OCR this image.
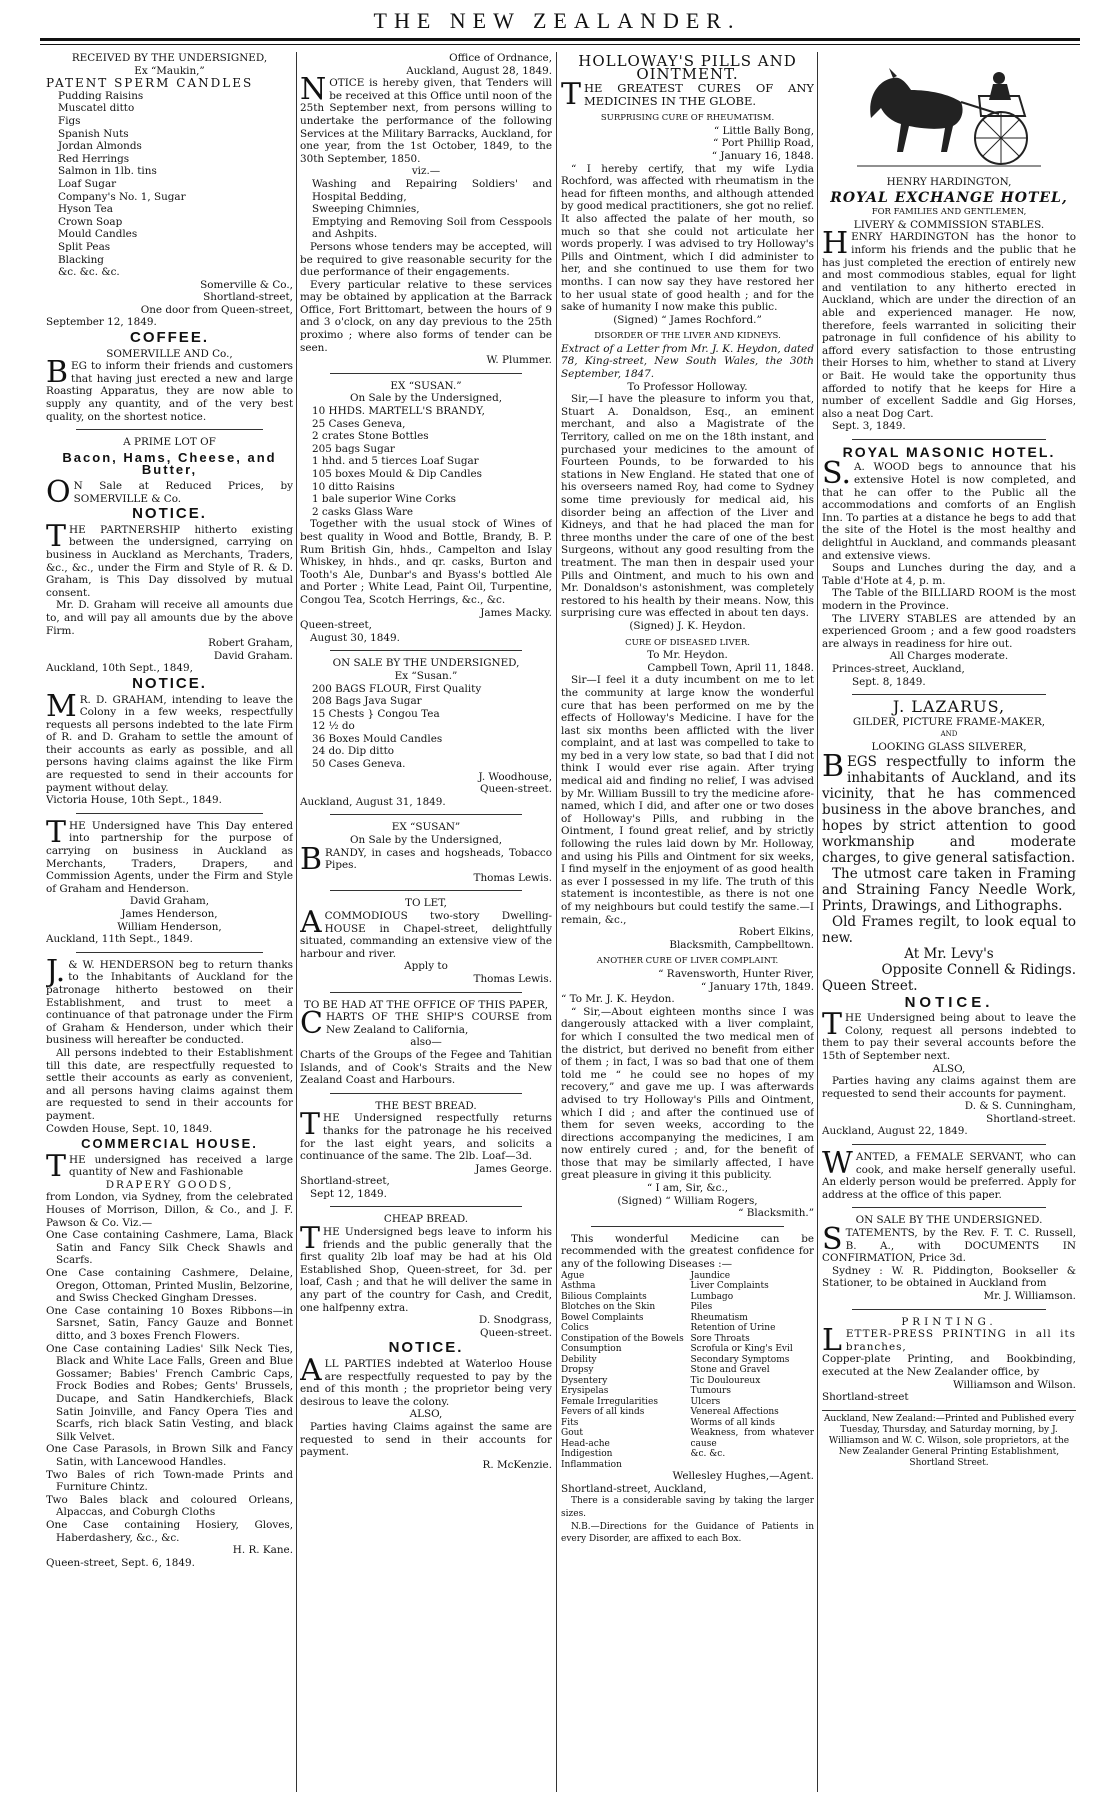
THE NEW ZEALANDER.

RECEIVED BY THE UNDERSIGNED,

Ex “Maukin,”

PATENT SPERM CANDLES

Pudding Raisins

Muscatel ditto

Figs

Spanish Nuts

Jordan Almonds

Red Herrings

Salmon in 1lb. tins

Loaf Sugar

Company's No. 1, Sugar

Hyson Tea

Crown Soap

Mould Candles

Split Peas

Blacking

&c. &c. &c.

Somerville & Co.,

Shortland-street,

One door from Queen-street,

September 12, 1849.

COFFEE.

SOMERVILLE AND Co.,

BEG to inform their friends and customers that having just erected a new and large Roasting Apparatus, they are now able to supply any quantity, and of the very best quality, on the shortest notice.

A PRIME LOT OF

Bacon, Hams, Cheese, and Butter,

ON Sale at Reduced Prices, by SOMERVILLE & Co.

NOTICE.

THE PARTNERSHIP hitherto existing between the undersigned, carrying on business in Auckland as Merchants, Traders, &c., &c., under the Firm and Style of R. & D. Graham, is This Day dissolved by mutual consent.

Mr. D. Graham will receive all amounts due to, and will pay all amounts due by the above Firm.

Robert Graham,

David Graham.

Auckland, 10th Sept., 1849,

NOTICE.

MR. D. GRAHAM, intending to leave the Colony in a few weeks, respectfully requests all persons indebted to the late Firm of R. and D. Graham to settle the amount of their accounts as early as possible, and all persons having claims against the like Firm are requested to send in their accounts for payment without delay.

Victoria House, 10th Sept., 1849.

THE Undersigned have This Day entered into partnership for the purpose of carrying on business in Auckland as Merchants, Traders, Drapers, and Commission Agents, under the Firm and Style of Graham and Henderson.

David Graham,

James Henderson,

William Henderson,

Auckland, 11th Sept., 1849.

J.& W. HENDERSON beg to return thanks to the Inhabitants of Auckland for the patronage hitherto bestowed on their Establishment, and trust to meet a continuance of that patronage under the Firm of Graham & Henderson, under which their business will hereafter be conducted.

All persons indebted to their Establishment till this date, are respectfully requested to settle their accounts as early as convenient, and all persons having claims against them are requested to send in their accounts for payment.

Cowden House, Sept. 10, 1849.

COMMERCIAL HOUSE.

THE undersigned has received a large quantity of New and Fashionable

DRAPERY GOODS,

from London, via Sydney, from the celebrated Houses of Morrison, Dillon, & Co., and J. F. Pawson & Co. Viz.—

One Case containing Cashmere, Lama, Black Satin and Fancy Silk Check Shawls and Scarfs.

One Case containing Cashmere, Delaine, Oregon, Ottoman, Printed Muslin, Belzorine, and Swiss Checked Gingham Dresses.

One Case containing 10 Boxes Ribbons—in Sarsnet, Satin, Fancy Gauze and Bonnet ditto, and 3 boxes French Flowers.

One Case containing Ladies' Silk Neck Ties, Black and White Lace Falls, Green and Blue Gossamer; Babies' French Cambric Caps, Frock Bodies and Robes; Gents' Brussels, Ducape, and Satin Handkerchiefs, Black Satin Joinville, and Fancy Opera Ties and Scarfs, rich black Satin Vesting, and black Silk Velvet.

One Case Parasols, in Brown Silk and Fancy Satin, with Lancewood Handles.

Two Bales of rich Town-made Prints and Furniture Chintz.

Two Bales black and coloured Orleans, Alpaccas, and Coburgh Cloths

One Case containing Hosiery, Gloves, Haberdashery, &c., &c.

H. R. Kane.

Queen-street, Sept. 6, 1849.

Office of Ordnance,

Auckland, August 28, 1849.

NOTICE is hereby given, that Tenders will be received at this Office until noon of the 25th September next, from persons willing to undertake the performance of the following Services at the Military Barracks, Auckland, for one year, from the 1st October, 1849, to the 30th September, 1850.

viz.—

Washing and Repairing Soldiers' and Hospital Bedding,

Sweeping Chimnies,

Emptying and Removing Soil from Cesspools and Ashpits.

Persons whose tenders may be accepted, will be required to give reasonable security for the due performance of their engagements.

Every particular relative to these services may be obtained by application at the Barrack Office, Fort Brittomart, between the hours of 9 and 3 o'clock, on any day previous to the 25th proximo ; where also forms of tender can be seen.

W. Plummer.

EX “SUSAN.”

On Sale by the Undersigned,

10 HHDS. MARTELL'S BRANDY,

25 Cases Geneva,

2 crates Stone Bottles

205 bags Sugar

1 hhd. and 5 tierces Loaf Sugar

105 boxes Mould & Dip Candles

10 ditto Raisins

1 bale superior Wine Corks

2 casks Glass Ware

Together with the usual stock of Wines of best quality in Wood and Bottle, Brandy, B. P. Rum British Gin, hhds., Campelton and Islay Whiskey, in hhds., and qr. casks, Burton and Tooth's Ale, Dunbar's and Byass's bottled Ale and Porter ; White Lead, Paint Oil, Turpentine, Congou Tea, Scotch Herrings, &c., &c.

James Macky.

Queen-street,

August 30, 1849.

ON SALE BY THE UNDERSIGNED,

Ex “Susan.”

200 BAGS FLOUR, First Quality

208 Bags Java Sugar

15 Chests } Congou Tea

12 ½ do

36 Boxes Mould Candles

24 do. Dip ditto

50 Cases Geneva.

J. Woodhouse,

Queen-street.

Auckland, August 31, 1849.

EX “SUSAN”

On Sale by the Undersigned,

BRANDY, in cases and hogsheads, Tobacco Pipes.

Thomas Lewis.

TO LET,

ACOMMODIOUS two-story Dwelling-HOUSE in Chapel-street, delightfully situated, commanding an extensive view of the harbour and river.

Apply to

Thomas Lewis.

TO BE HAD AT THE OFFICE OF THIS PAPER,

CHARTS OF THE SHIP'S COURSE from New Zealand to California,

also—

Charts of the Groups of the Fegee and Tahitian Islands, and of Cook's Straits and the New Zealand Coast and Harbours.

THE BEST BREAD.

THE Undersigned respectfully returns thanks for the patronage he his received for the last eight years, and solicits a continuance of the same. The 2lb. Loaf—3d.

James George.

Shortland-street,

Sept 12, 1849.

CHEAP BREAD.

THE Undersigned begs leave to inform his friends and the public generally that the first quality 2lb loaf may be had at his Old Established Shop, Queen-street, for 3d. per loaf, Cash ; and that he will deliver the same in any part of the country for Cash, and Credit, one halfpenny extra.

D. Snodgrass,

Queen-street.

NOTICE.

ALL PARTIES indebted at Waterloo House are respectfully requested to pay by the end of this month ; the proprietor being very desirous to leave the colony.

ALSO,

Parties having Claims against the same are requested to send in their accounts for payment.

R. McKenzie.

HOLLOWAY'S PILLS AND OINTMENT.

THE GREATEST CURES OF ANY MEDICINES IN THE GLOBE.

SURPRISING CURE OF RHEUMATISM.

“ Little Bally Bong,

“ Port Phillip Road,

“ January 16, 1848.

“ I hereby certify, that my wife Lydia Rochford, was affected with rheumatism in the head for fifteen months, and although attended by good medical practitioners, she got no relief. It also affected the palate of her mouth, so much so that she could not articulate her words properly. I was advised to try Holloway's Pills and Ointment, which I did administer to her, and she continued to use them for two months. I can now say they have restored her to her usual state of good health ; and for the sake of humanity I now make this public.

(Signed) “ James Rochford.”

DISORDER OF THE LIVER AND KIDNEYS.

Extract of a Letter from Mr. J. K. Heydon, dated 78, King-street, New South Wales, the 30th September, 1847.

To Professor Holloway.

Sir,—I have the pleasure to inform you that, Stuart A. Donaldson, Esq., an eminent merchant, and also a Magistrate of the Territory, called on me on the 18th instant, and purchased your medicines to the amount of Fourteen Pounds, to be forwarded to his stations in New England. He stated that one of his overseers named Roy, had come to Sydney some time previously for medical aid, his disorder being an affection of the Liver and Kidneys, and that he had placed the man for three months under the care of one of the best Surgeons, without any good resulting from the treatment. The man then in despair used your Pills and Ointment, and much to his own and Mr. Donaldson's astonishment, was completely restored to his health by their means. Now, this surprising cure was effected in about ten days.

(Signed) J. K. Heydon.

CURE OF DISEASED LIVER.

To Mr. Heydon.

Campbell Town, April 11, 1848.

Sir—I feel it a duty incumbent on me to let the community at large know the wonderful cure that has been performed on me by the effects of Holloway's Medicine. I have for the last six months been afflicted with the liver complaint, and at last was compelled to take to my bed in a very low state, so bad that I did not think I would ever rise again. After trying medical aid and finding no relief, I was advised by Mr. William Bussill to try the medicine afore-named, which I did, and after one or two doses of Holloway's Pills, and rubbing in the Ointment, I found great relief, and by strictly following the rules laid down by Mr. Holloway, and using his Pills and Ointment for six weeks, I find myself in the enjoyment of as good health as ever I possessed in my life. The truth of this statement is incontestible, as there is not one of my neighbours but could testify the same.—I remain, &c.,

Robert Elkins,

Blacksmith, Campbelltown.

ANOTHER CURE OF LIVER COMPLAINT.

“ Ravensworth, Hunter River,

“ January 17th, 1849.

“ To Mr. J. K. Heydon.

“ Sir,—About eighteen months since I was dangerously attacked with a liver complaint, for which I consulted the two medical men of the district, but derived no benefit from either of them ; in fact, I was so bad that one of them told me “ he could see no hopes of my recovery,” and gave me up. I was afterwards advised to try Holloway's Pills and Ointment, which I did ; and after the continued use of them for seven weeks, according to the directions accompanying the medicines, I am now entirely cured ; and, for the benefit of those that may be similarly affected, I have great pleasure in giving it this publicity.

“ I am, Sir, &c.,

(Signed) “ William Rogers,

“ Blacksmith.”

This wonderful Medicine can be recommended with the greatest confidence for any of the following Diseases :—

Ague

Asthma

Bilious Complaints

Blotches on the Skin

Bowel Complaints

Colics

Constipation of the Bowels

Consumption

Debility

Dropsy

Dysentery

Erysipelas

Female Irregularities

Fevers of all kinds

Fits

Gout

Head-ache

Indigestion

Inflammation

Jaundice

Liver Complaints

Lumbago

Piles

Rheumatism

Retention of Urine

Sore Throats

Scrofula or King's Evil

Secondary Symptoms

Stone and Gravel

Tic Douloureux

Tumours

Ulcers

Venereal Affections

Worms of all kinds

Weakness, from whatever cause

&c. &c.

Wellesley Hughes,—Agent.

Shortland-street, Auckland,

There is a considerable saving by taking the larger sizes.

N.B.—Directions for the Guidance of Patients in every Disorder, are affixed to each Box.

HENRY HARDINGTON,

ROYAL EXCHANGE HOTEL,

FOR FAMILIES AND GENTLEMEN,

LIVERY & COMMISSION STABLES.

HENRY HARDINGTON has the honor to inform his friends and the public that he has just completed the erection of entirely new and most commodious stables, equal for light and ventilation to any hitherto erected in Auckland, which are under the direction of an able and experienced manager. He now, therefore, feels warranted in soliciting their patronage in full confidence of his ability to afford every satisfaction to those entrusting their Horses to him, whether to stand at Livery or Bait. He would take the opportunity thus afforded to notify that he keeps for Hire a number of excellent Saddle and Gig Horses, also a neat Dog Cart.

Sept. 3, 1849.

ROYAL MASONIC HOTEL.

S.A. WOOD begs to announce that his extensive Hotel is now completed, and that he can offer to the Public all the accommodations and comforts of an English Inn. To parties at a distance he begs to add that the site of the Hotel is the most healthy and delightful in Auckland, and commands pleasant and extensive views.

Soups and Lunches during the day, and a Table d'Hote at 4, p. m.

The Table of the BILLIARD ROOM is the most modern in the Province.

The LIVERY STABLES are attended by an experienced Groom ; and a few good roadsters are always in readiness for hire out.

All Charges moderate.

Princes-street, Auckland,

Sept. 8, 1849.

J. LAZARUS,

GILDER, PICTURE FRAME-MAKER,

AND

LOOKING GLASS SILVERER,

BEGS respectfully to inform the inhabitants of Auckland, and its vicinity, that he has commenced business in the above branches, and hopes by strict attention to good workmanship and moderate charges, to give general satisfaction.

The utmost care taken in Framing and Straining Fancy Needle Work, Prints, Drawings, and Lithographs.

Old Frames regilt, to look equal to new.

At Mr. Levy's

Opposite Connell & Ridings.

Queen Street.

NOTICE.

THE Undersigned being about to leave the Colony, request all persons indebted to them to pay their several accounts before the 15th of September next.

ALSO,

Parties having any claims against them are requested to send their accounts for payment.

D. & S. Cunningham,

Shortland-street.

Auckland, August 22, 1849.

WANTED, a FEMALE SERVANT, who can cook, and make herself generally useful. An elderly person would be preferred. Apply for address at the office of this paper.

ON SALE BY THE UNDERSIGNED.

STATEMENTS, by the Rev. F. T. C. Russell, B. A., with DOCUMENTS IN CONFIRMATION, Price 3d.

Sydney : W. R. Piddington, Bookseller & Stationer, to be obtained in Auckland from

Mr. J. Williamson.

PRINTING.

LETTER-PRESS PRINTING in all its branches,

Copper-plate Printing, and Bookbinding, executed at the New Zealander office, by

Williamson and Wilson.

Shortland-street

Auckland, New Zealand:—Printed and Published every Tuesday, Thursday, and Saturday morning, by J. Williamson and W. C. Wilson, sole proprietors, at the New Zealander General Printing Establishment, Shortland Street.
